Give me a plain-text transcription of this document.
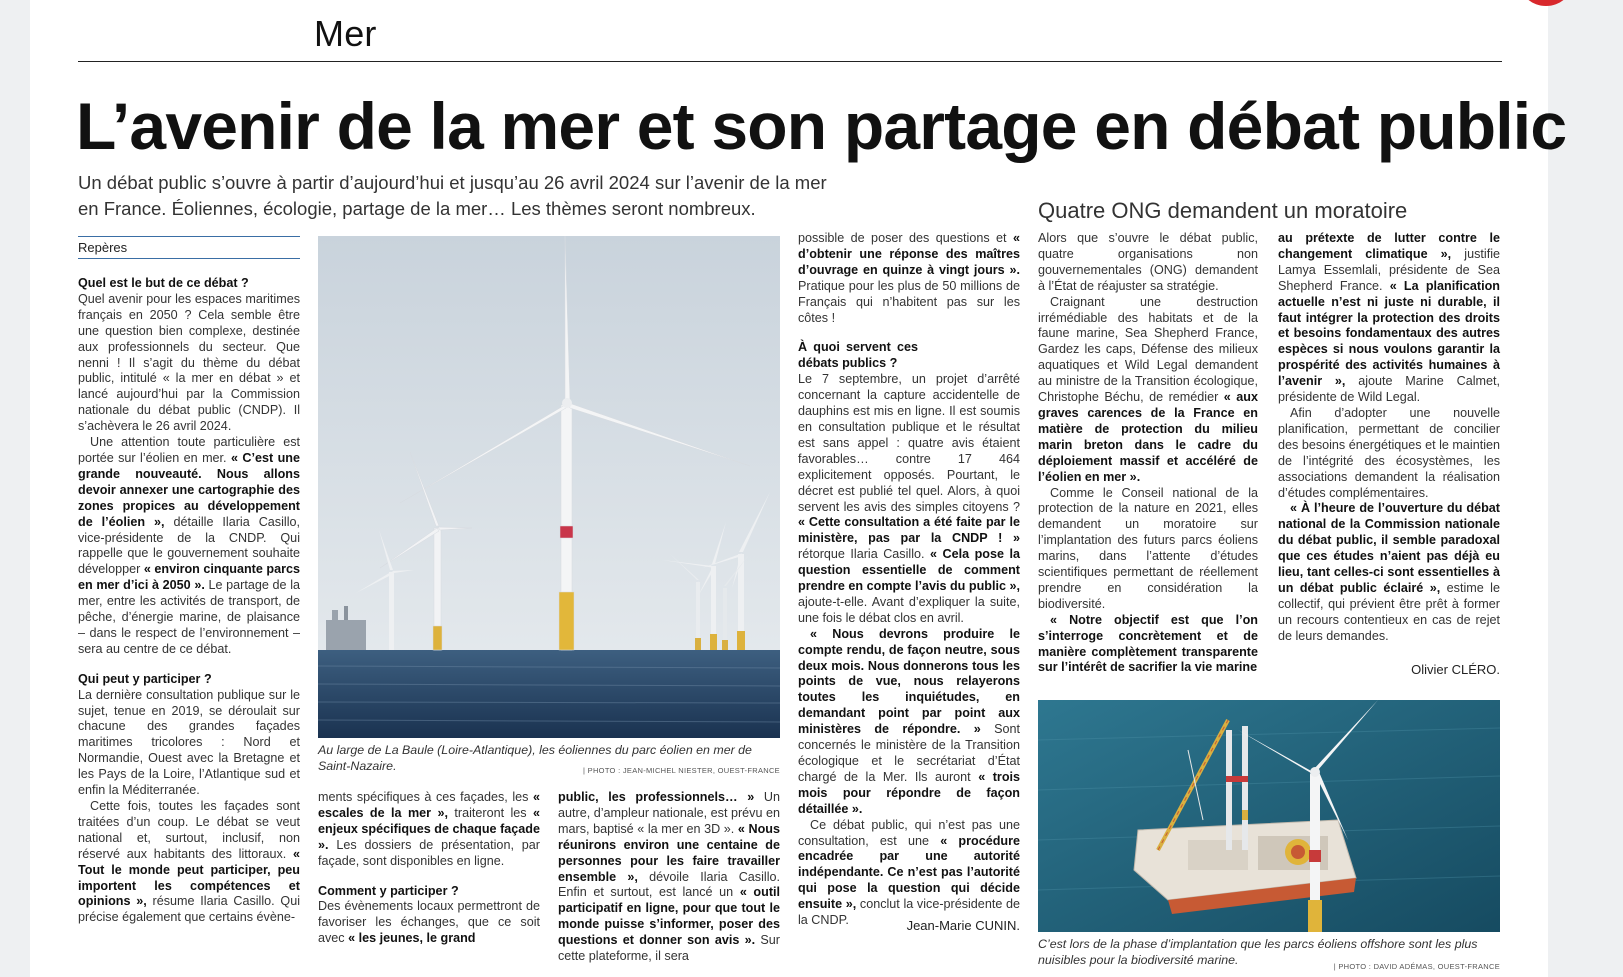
Mer
L’avenir de la mer et son partage en débat public
Un débat public s’ouvre à partir d’aujourd’hui et jusqu’au 26 avril 2024 sur l’avenir de la mer
en France. Éoliennes, écologie, partage de la mer… Les thèmes seront nombreux.
Repères

Quel est le but de ce débat ?

Quel avenir pour les espaces maritimes français en 2050 ? Cela semble être une question bien complexe, destinée aux professionnels du secteur. Que nenni ! Il s’agit du thème du débat public, intitulé « la mer en débat » et lancé aujourd’hui par la Commission nationale du débat public (CNDP). Il s’achèvera le 26 avril 2024.

Une attention toute particulière est portée sur l’éolien en mer. « C’est une grande nouveauté. Nous allons devoir annexer une cartographie des zones propices au développement de l’éolien », détaille Ilaria Casillo, vice-présidente de la CNDP. Qui rappelle que le gouvernement souhaite développer « environ cinquante parcs en mer d’ici à 2050 ». Le partage de la mer, entre les activités de transport, de pêche, d’énergie marine, de plaisance – dans le respect de l’environnement – sera au centre de ce débat.

Qui peut y participer ?

La dernière consultation publique sur le sujet, tenue en 2019, se déroulait sur chacune des grandes façades maritimes tricolores : Nord et Normandie, Ouest avec la Bretagne et les Pays de la Loire, l’Atlantique sud et enfin la Méditerranée.

Cette fois, toutes les façades sont traitées d’un coup. Le débat se veut national et, surtout, inclusif, non réservé aux habitants des littoraux. « Tout le monde peut participer, peu importent les compétences et opinions », résume Ilaria Casillo. Qui précise également que certains évène-

Au large de La Baule (Loire-Atlantique), les éoliennes du parc éolien en mer de Saint-Nazaire.	| PHOTO : JEAN-MICHEL NIESTER, OUEST-FRANCE

ments spécifiques à ces façades, les « escales de la mer », traiteront les « enjeux spécifiques de chaque façade ». Les dossiers de présentation, par façade, sont disponibles en ligne.

Comment y participer ?

Des évènements locaux permettront de favoriser les échanges, que ce soit avec « les jeunes, le grand

public, les professionnels… » Un autre, d’ampleur nationale, est prévu en mars, baptisé « la mer en 3D ». « Nous réunirons environ une centaine de personnes pour les faire travailler ensemble », dévoile Ilaria Casillo. Enfin et surtout, est lancé un « outil participatif en ligne, pour que tout le monde puisse s’informer, poser des questions et donner son avis ». Sur cette plateforme, il sera

possible de poser des questions et « d’obtenir une réponse des maîtres d’ouvrage en quinze à vingt jours ». Pratique pour les plus de 50 millions de Français qui n’habitent pas sur les côtes !

À quoi servent ces débats publics ?

Le 7 septembre, un projet d’arrêté concernant la capture accidentelle de dauphins est mis en ligne. Il est soumis en consultation publique et le résultat est sans appel : quatre avis étaient favorables… contre 17 464 explicitement opposés. Pourtant, le décret est publié tel quel. Alors, à quoi servent les avis des simples citoyens ? « Cette consultation a été faite par le ministère, pas par la CNDP ! » rétorque Ilaria Casillo. « Cela pose la question essentielle de comment prendre en compte l’avis du public », ajoute-t-elle. Avant d’expliquer la suite, une fois le débat clos en avril.

« Nous devrons produire le compte rendu, de façon neutre, sous deux mois. Nous donnerons tous les points de vue, nous relayerons toutes les inquiétudes, en demandant point par point aux ministères de répondre. » Sont concernés le ministère de la Transition écologique et le secrétariat d’État chargé de la Mer. Ils auront « trois mois pour répondre de façon détaillée ».

Ce débat public, qui n’est pas une consultation, est une « procédure encadrée par une autorité indépendante. Ce n’est pas l’autorité qui pose la question qui décide ensuite », conclut la vice-présidente de la CNDP.	Jean-Marie CUNIN.
Quatre ONG demandent un moratoire

Alors que s’ouvre le débat public, quatre organisations non gouvernementales (ONG) demandent à l’État de réajuster sa stratégie.

Craignant une destruction irrémédiable des habitats et de la faune marine, Sea Shepherd France, Gardez les caps, Défense des milieux aquatiques et Wild Legal demandent au ministre de la Transition écologique, Christophe Béchu, de remédier « aux graves carences de la France en matière de protection du milieu marin breton dans le cadre du déploiement massif et accéléré de l’éolien en mer ».

Comme le Conseil national de la protection de la nature en 2021, elles demandent un moratoire sur l’implantation des futurs parcs éoliens marins, dans l’attente d’études scientifiques permettant de réellement prendre en considération la biodiversité.

« Notre objectif est que l’on s’interroge concrètement et de manière complètement transparente sur l’intérêt de sacrifier la vie marine

au prétexte de lutter contre le changement climatique », justifie Lamya Essemlali, présidente de Sea Shepherd France. « La planification actuelle n’est ni juste ni durable, il faut intégrer la protection des droits et besoins fondamentaux des autres espèces si nous voulons garantir la prospérité des activités humaines à l’avenir », ajoute Marine Calmet, présidente de Wild Legal.

Afin d’adopter une nouvelle planification, permettant de concilier des besoins énergétiques et le maintien de l’intégrité des écosystèmes, les associations demandent la réalisation d’études complémentaires.

« À l’heure de l’ouverture du débat national de la Commission nationale du débat public, il semble paradoxal que ces études n’aient pas déjà eu lieu, tant celles-ci sont essentielles à un débat public éclairé », estime le collectif, qui prévient être prêt à former un recours contentieux en cas de rejet de leurs demandes.

Olivier CLÉRO.
C’est lors de la phase d’implantation que les parcs éoliens offshore sont les plus nuisibles pour la biodiversité marine.	| PHOTO : DAVID ADÉMAS, OUEST-FRANCE
